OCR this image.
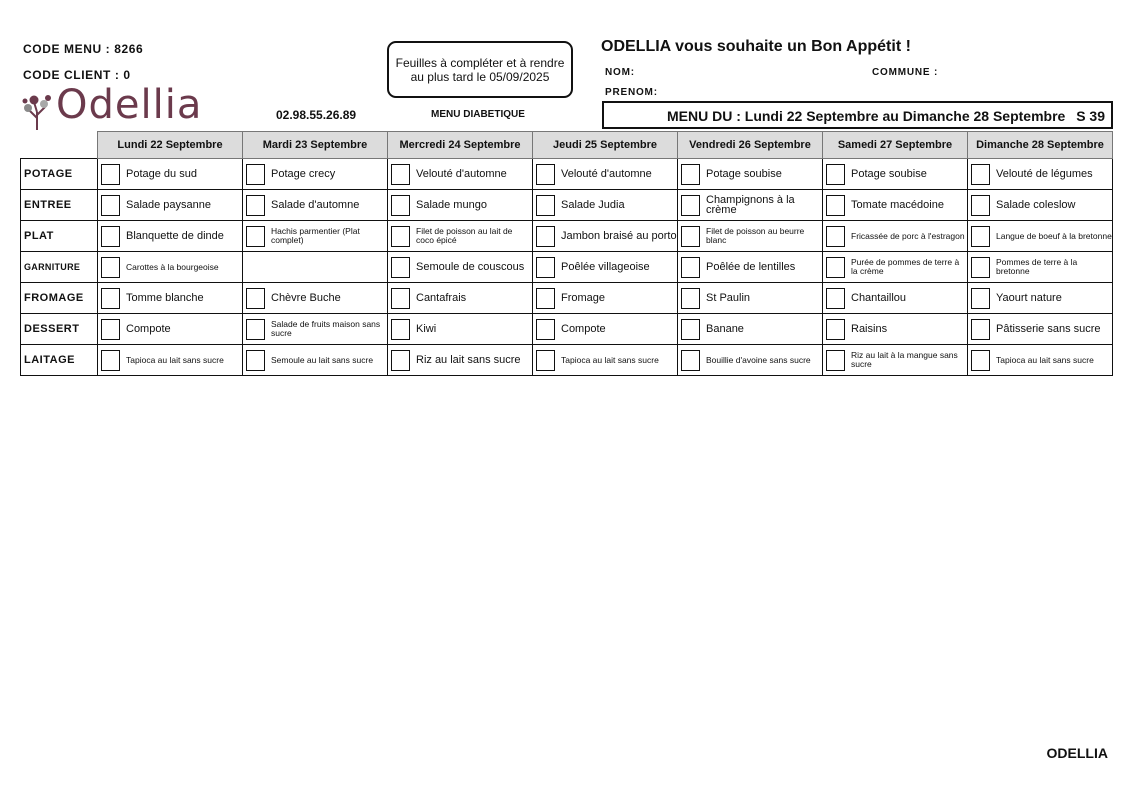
CODE MENU : 8266
CODE CLIENT : 0
Odellia
Feuilles à compléter et à rendre
au plus tard le 05/09/2025
ODELLIA vous souhaite un Bon Appétit !
NOM:	COMMUNE :
PRENOM:
02.98.55.26.89	MENU DIABETIQUE	MENU DU : Lundi 22 Septembre au Dimanche 28 Septembre S 39
	Lundi 22 Septembre	Mardi 23 Septembre	Mercredi 24 Septembre	Jeudi 25 Septembre	Vendredi 26 Septembre	Samedi 27 Septembre	Dimanche 28 Septembre
POTAGE	Potage du sud	Potage crecy	Velouté d'automne	Velouté d'automne	Potage soubise	Potage soubise	Velouté de légumes

ENTREE	Salade paysanne	Salade d'automne	Salade mungo	Salade Judia	Champignons à la crème	Tomate macédoine	Salade coleslow

PLAT	Blanquette de dinde	Hachis parmentier (Plat complet)	Filet de poisson au lait de coco épicé	Jambon braisé au porto	Filet de poisson au beurre blanc	Fricassée de porc à l'estragon	Langue de boeuf à la bretonne

GARNITURE	Carottes à la bourgeoise		Semoule de couscous	Poêlée villageoise	Poêlée de lentilles	Purée de pommes de terre à la crème	Pommes de terre à la bretonne

FROMAGE	Tomme blanche	Chèvre Buche	Cantafrais	Fromage	St Paulin	Chantaillou	Yaourt nature

DESSERT	Compote	Salade de fruits maison sans sucre	Kiwi	Compote	Banane	Raisins	Pâtisserie sans sucre

LAITAGE	Tapioca au lait sans sucre	Semoule au lait sans sucre	Riz au lait sans sucre	Tapioca au lait sans sucre	Bouillie d'avoine sans sucre	Riz au lait à la mangue sans sucre	Tapioca au lait sans sucre
ODELLIA
